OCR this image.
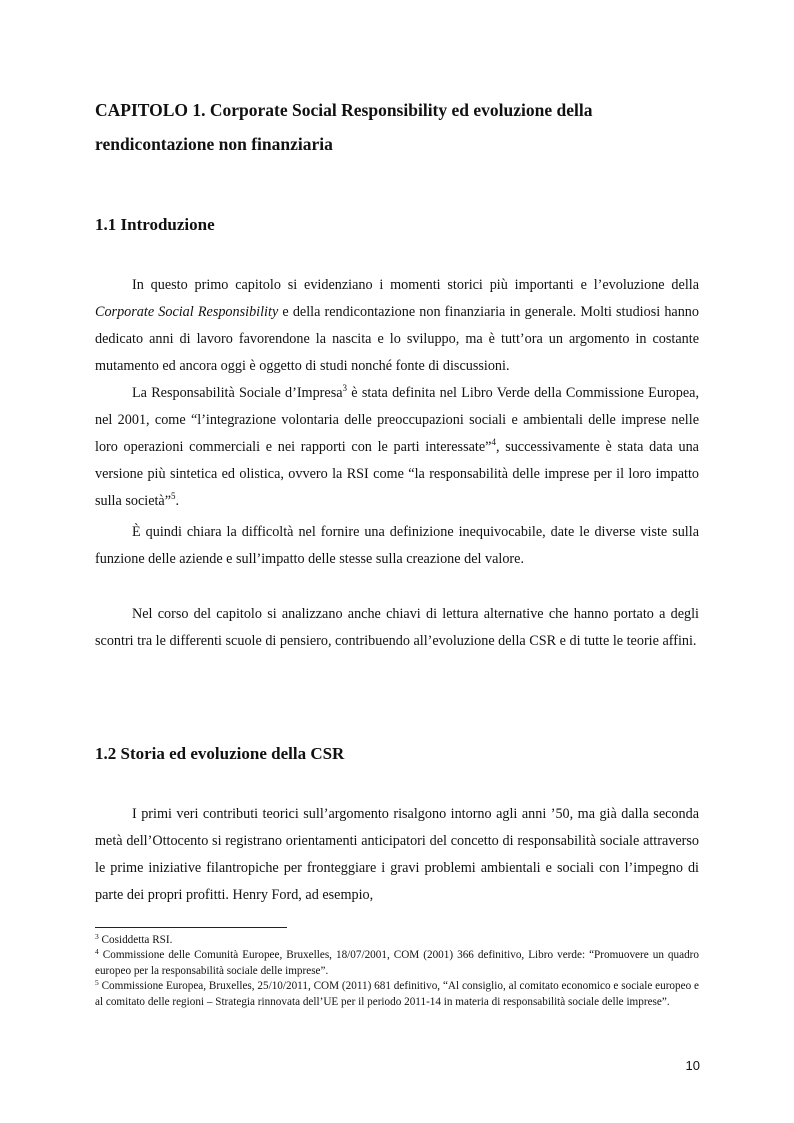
CAPITOLO 1. Corporate Social Responsibility ed evoluzione della rendicontazione non finanziaria
1.1 Introduzione

In questo primo capitolo si evidenziano i momenti storici più importanti e l’evoluzione della Corporate Social Responsibility e della rendicontazione non finanziaria in generale. Molti studiosi hanno dedicato anni di lavoro favorendone la nascita e lo sviluppo, ma è tutt’ora un argomento in costante mutamento ed ancora oggi è oggetto di studi nonché fonte di discussioni.

La Responsabilità Sociale d’Impresa$^3$ è stata definita nel Libro Verde della Commissione Europea, nel 2001, come “l’integrazione volontaria delle preoccupazioni sociali e ambientali delle imprese nelle loro operazioni commerciali e nei rapporti con le parti interessate”$^4$, successivamente è stata data una versione più sintetica ed olistica, ovvero la RSI come “la responsabilità delle imprese per il loro impatto sulla società”$^5$.

È quindi chiara la difficoltà nel fornire una definizione inequivocabile, date le diverse viste sulla funzione delle aziende e sull’impatto delle stesse sulla creazione del valore.

Nel corso del capitolo si analizzano anche chiavi di lettura alternative che hanno portato a degli scontri tra le differenti scuole di pensiero, contribuendo all’evoluzione della CSR e di tutte le teorie affini.

1.2 Storia ed evoluzione della CSR

I primi veri contributi teorici sull’argomento risalgono intorno agli anni ’50, ma già dalla seconda metà dell’Ottocento si registrano orientamenti anticipatori del concetto di responsabilità sociale attraverso le prime iniziative filantropiche per fronteggiare i gravi problemi ambientali e sociali con l’impegno di parte dei propri profitti. Henry Ford, ad esempio,

$^3$ Cosiddetta RSI.

$^4$ Commissione delle Comunità Europee, Bruxelles, 18/07/2001, COM (2001) 366 definitivo, Libro verde: “Promuovere un quadro europeo per la responsabilità sociale delle imprese”.

$^5$ Commissione Europea, Bruxelles, 25/10/2011, COM (2011) 681 definitivo, “Al consiglio, al comitato economico e sociale europeo e al comitato delle regioni – Strategia rinnovata dell’UE per il periodo 2011-14 in materia di responsabilità sociale delle imprese”.

10
